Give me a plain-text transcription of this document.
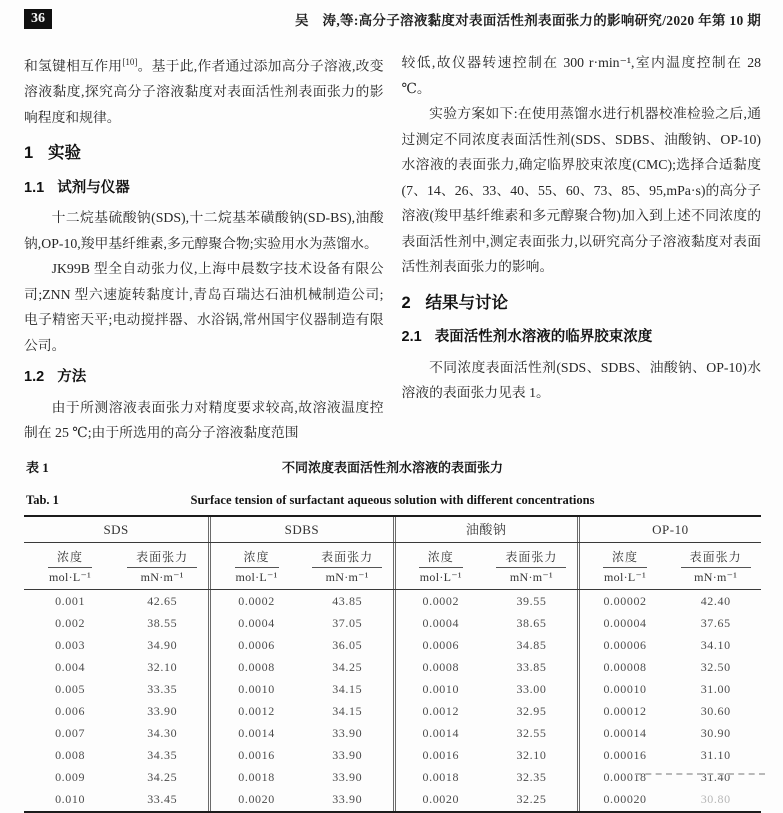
36	吴　涛,等:高分子溶液黏度对表面活性剂表面张力的影响研究/2020 年第 10 期

和氢键相互作用[10]。基于此,作者通过添加高分子溶液,改变溶液黏度,探究高分子溶液黏度对表面活性剂表面张力的影响程度和规律。

1 实验
1.1 试剂与仪器

十二烷基硫酸钠(SDS),十二烷基苯磺酸钠(SD-BS),油酸钠,OP-10,羧甲基纤维素,多元醇聚合物;实验用水为蒸馏水。

JK99B 型全自动张力仪,上海中晨数字技术设备有限公司;ZNN 型六速旋转黏度计,青岛百瑞达石油机械制造公司;电子精密天平;电动搅拌器、水浴锅,常州国宇仪器制造有限公司。

1.2 方法

由于所测溶液表面张力对精度要求较高,故溶液温度控制在 25 ℃;由于所选用的高分子溶液黏度范围

较低,故仪器转速控制在 300 r·min⁻¹,室内温度控制在 28 ℃。

实验方案如下:在使用蒸馏水进行机器校准检验之后,通过测定不同浓度表面活性剂(SDS、SDBS、油酸钠、OP-10)水溶液的表面张力,确定临界胶束浓度(CMC);选择合适黏度(7、14、26、33、40、55、60、73、85、95,mPa·s)的高分子溶液(羧甲基纤维素和多元醇聚合物)加入到上述不同浓度的表面活性剂中,测定表面张力,以研究高分子溶液黏度对表面活性剂表面张力的影响。

2 结果与讨论
2.1 表面活性剂水溶液的临界胶束浓度

不同浓度表面活性剂(SDS、SDBS、油酸钠、OP-10)水溶液的表面张力见表 1。

表 1	不同浓度表面活性剂水溶液的表面张力
Tab. 1	Surface tension of surfactant aqueous solution with different concentrations
SDS	SDBS	油酸钠	OP-10
$\frac{\text{浓度}}{\text{mol·L⁻¹}}$	$\frac{\text{表面张力}}{\text{mN·m⁻¹}}$	$\frac{\text{浓度}}{\text{mol·L⁻¹}}$	$\frac{\text{表面张力}}{\text{mN·m⁻¹}}$	$\frac{\text{浓度}}{\text{mol·L⁻¹}}$	$\frac{\text{表面张力}}{\text{mN·m⁻¹}}$	$\frac{\text{浓度}}{\text{mol·L⁻¹}}$	$\frac{\text{表面张力}}{\text{mN·m⁻¹}}$
0.001	42.65	0.0002	43.85	0.0002	39.55	0.00002	42.40
0.002	38.55	0.0004	37.05	0.0004	38.65	0.00004	37.65
0.003	34.90	0.0006	36.05	0.0006	34.85	0.00006	34.10
0.004	32.10	0.0008	34.25	0.0008	33.85	0.00008	32.50
0.005	33.35	0.0010	34.15	0.0010	33.00	0.00010	31.00
0.006	33.90	0.0012	34.15	0.0012	32.95	0.00012	30.60
0.007	34.30	0.0014	33.90	0.0014	32.55	0.00014	30.90
0.008	34.35	0.0016	33.90	0.0016	32.10	0.00016	31.10
0.009	34.25	0.0018	33.90	0.0018	32.35	0.00018	31.40
0.010	33.45	0.0020	33.90	0.0020	32.25	0.00020	30.80
